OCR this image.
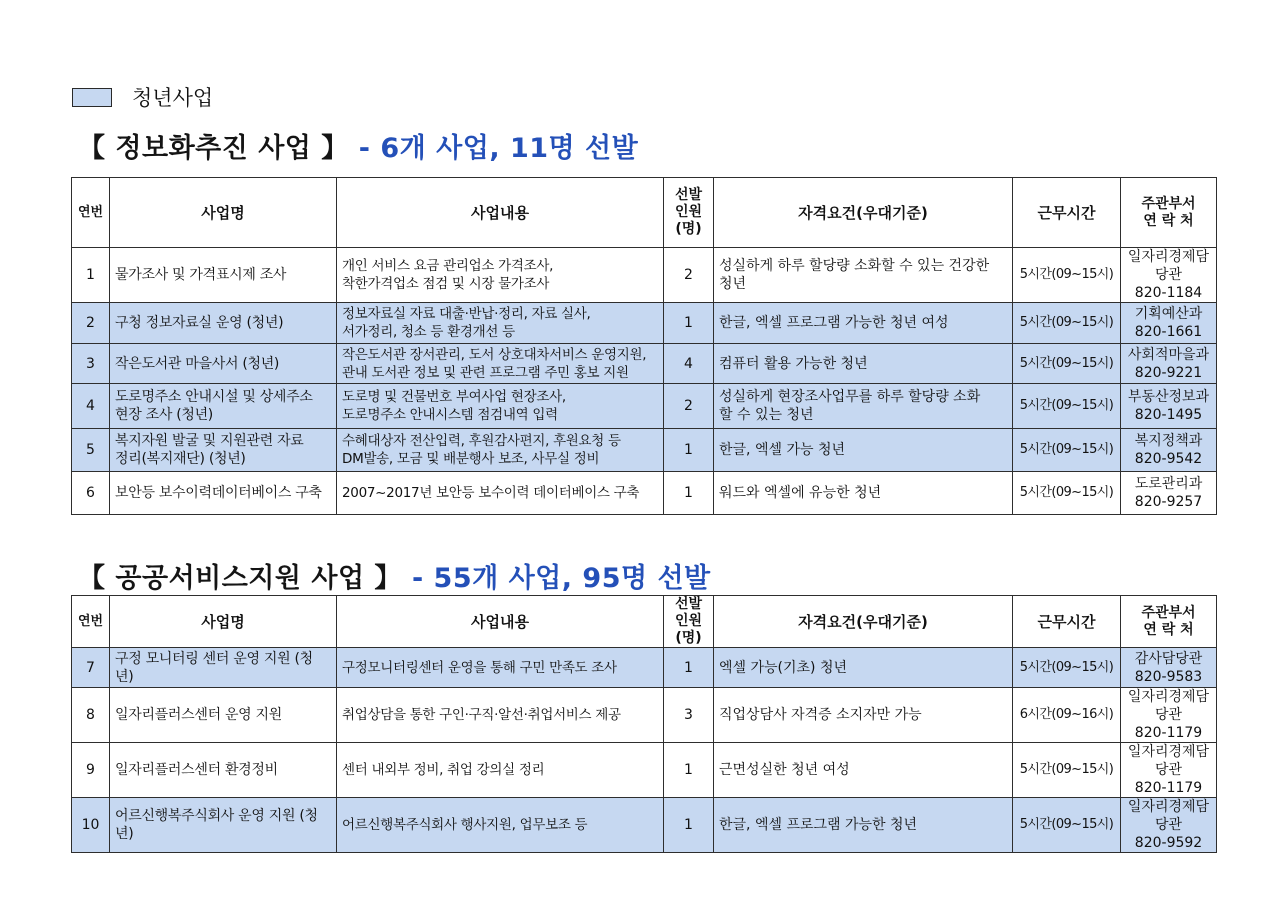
청년사업
【 정보화추진 사업 】 - 6개 사업, 11명 선발
연번	사업명	사업내용	선발
인원
(명)	자격요건(우대기준)	근무시간	주관부서
연 락 처
1	물가조사 및 가격표시제 조사	개인 서비스 요금 관리업소 가격조사,
착한가격업소 점검 및 시장 물가조사	2	성실하게 하루 할당량 소화할 수 있는 건강한
청년	5시간(09~15시)	일자리경제담당관
820-1184
2	구청 정보자료실 운영 (청년)	정보자료실 자료 대출·반납·정리, 자료 실사,
서가정리, 청소 등 환경개선 등	1	한글, 엑셀 프로그램 가능한 청년 여성	5시간(09~15시)	기획예산과
820-1661
3	작은도서관 마을사서 (청년)	작은도서관 장서관리, 도서 상호대차서비스 운영지원,
관내 도서관 정보 및 관련 프로그램 주민 홍보 지원	4	컴퓨터 활용 가능한 청년	5시간(09~15시)	사회적마을과
820-9221
4	도로명주소 안내시설 및 상세주소
현장 조사 (청년)	도로명 및 건물번호 부여사업 현장조사,
도로명주소 안내시스템 점검내역 입력	2	성실하게 현장조사업무를 하루 할당량 소화
할 수 있는 청년	5시간(09~15시)	부동산정보과
820-1495
5	복지자원 발굴 및 지원관련 자료
정리(복지재단) (청년)	수혜대상자 전산입력, 후원감사편지, 후원요청 등
DM발송, 모금 및 배분행사 보조, 사무실 정비	1	한글, 엑셀 가능 청년	5시간(09~15시)	복지정책과
820-9542
6	보안등 보수이력데이터베이스 구축	2007~2017년 보안등 보수이력 데이터베이스 구축	1	워드와 엑셀에 유능한 청년	5시간(09~15시)	도로관리과
820-9257
【 공공서비스지원 사업 】 - 55개 사업, 95명 선발
연번	사업명	사업내용	선발
인원
(명)	자격요건(우대기준)	근무시간	주관부서
연 락 처
7	구정 모니터링 센터 운영 지원 (청년)	구정모니터링센터 운영을 통해 구민 만족도 조사	1	엑셀 가능(기초) 청년	5시간(09~15시)	감사담당관
820-9583
8	일자리플러스센터 운영 지원	취업상담을 통한 구인·구직·알선·취업서비스 제공	3	직업상담사 자격증 소지자만 가능	6시간(09~16시)	일자리경제담당관
820-1179
9	일자리플러스센터 환경정비	센터 내외부 정비, 취업 강의실 정리	1	근면성실한 청년 여성	5시간(09~15시)	일자리경제담당관
820-1179
10	어르신행복주식회사 운영 지원 (청년)	어르신행복주식회사 행사지원, 업무보조 등	1	한글, 엑셀 프로그램 가능한 청년	5시간(09~15시)	일자리경제담당관
820-9592
